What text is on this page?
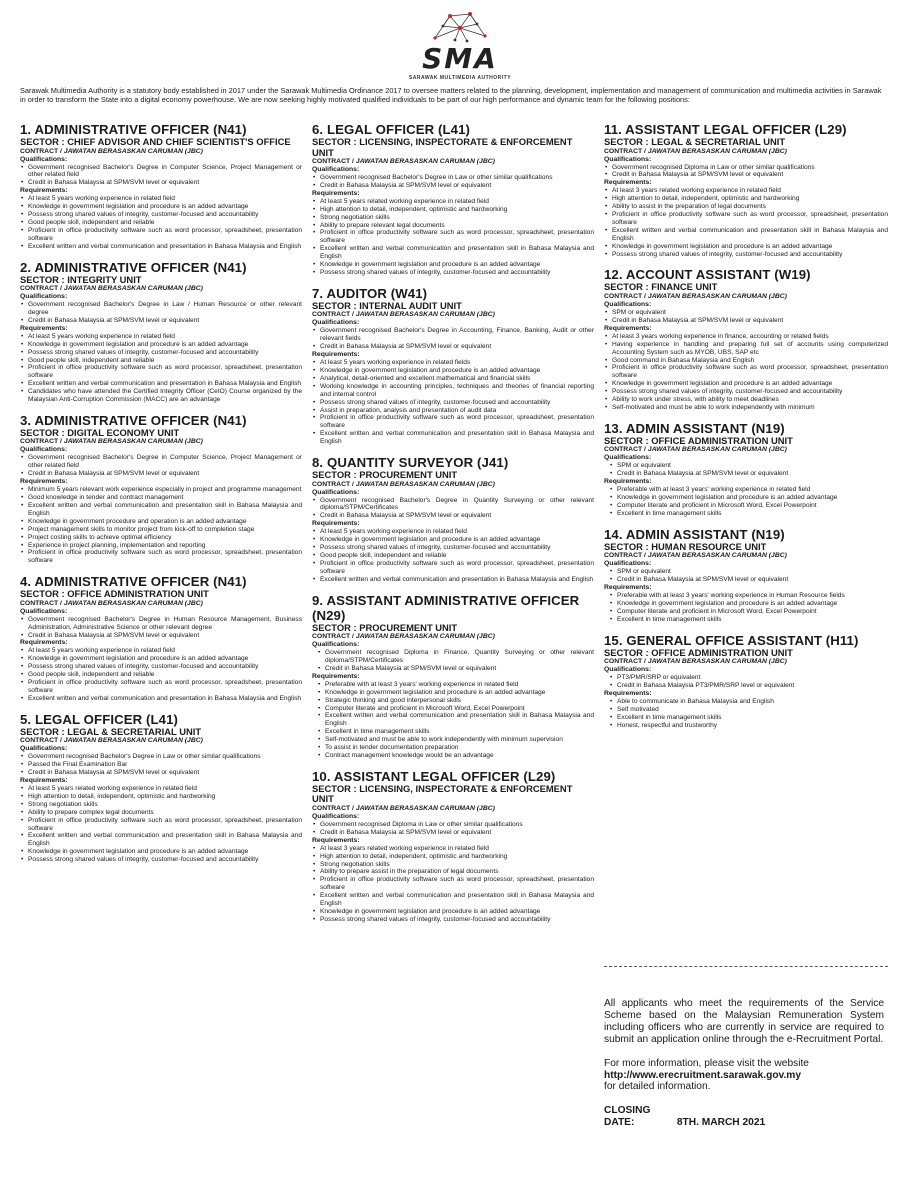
SMA
SARAWAK MULTIMEDIA AUTHORITY

Sarawak Multimedia Authority is a statutory body established in 2017 under the Sarawak Multimedia Ordinance 2017 to oversee matters related to the planning, development, implementation and management of communication and multimedia activities in Sarawak in order to transform the State into a digital economy powerhouse. We are now seeking highly motivated qualified individuals to be part of our high performance and dynamic team for the following positions:

1. ADMINISTRATIVE OFFICER (N41)
SECTOR : CHIEF ADVISOR AND CHIEF SCIENTIST'S OFFICE
CONTRACT / JAWATAN BERASASKAN CARUMAN (JBC)
Qualifications:
• Government recognised Bachelor's Degree in Computer Science, Project Management or other related field
• Credit in Bahasa Malaysia at SPM/SVM level or equivalent
Requirements:
• At least 5 years working experience in related field
• Knowledge in government legislation and procedure is an added advantage
• Possess strong shared values of integrity, customer-focused and accountability
• Good people skill, independent and reliable
• Proficient in office productivity software such as word processor, spreadsheet, presentation software
• Excellent written and verbal communication and presentation in Bahasa Malaysia and English
2. ADMINISTRATIVE OFFICER (N41)
SECTOR : INTEGRITY UNIT
CONTRACT / JAWATAN BERASASKAN CARUMAN (JBC)
Qualifications:
• Government recognised Bachelor's Degree in Law / Human Resource or other relevant degree
• Credit in Bahasa Malaysia at SPM/SVM level or equivalent
Requirements:
• At least 5 years working experience in related field
• Knowledge in government legislation and procedure is an added advantage
• Possess strong shared values of integrity, customer-focused and accountability
• Good people skill, independent and reliable
• Proficient in office productivity software such as word processor, spreadsheet, presentation software
• Excellent written and verbal communication and presentation in Bahasa Malaysia and English
• Candidates who have attended the Certified Integrity Officer (CeIO) Course organized by the Malaysian Anti-Corruption Commission (MACC) are an advantage
3. ADMINISTRATIVE OFFICER (N41)
SECTOR : DIGITAL ECONOMY UNIT
CONTRACT / JAWATAN BERASASKAN CARUMAN (JBC)
Qualifications:
• Government recognised Bachelor's Degree in Computer Science, Project Management or other related field
• Credit in Bahasa Malaysia at SPM/SVM level or equivalent
Requirements:
• Minimum 5 years relevant work experience especially in project and programme management
• Good knowledge in tender and contract management
• Excellent written and verbal communication and presentation skill in Bahasa Malaysia and English
• Knowledge in government procedure and operation is an added advantage
• Project management skills to monitor project from kick-off to completion stage
• Project costing skills to achieve optimal efficiency
• Experience in project planning, implementation and reporting
• Proficient in office productivity software such as word processor, spreadsheet, presentation software
4. ADMINISTRATIVE OFFICER (N41)
SECTOR : OFFICE ADMINISTRATION UNIT
CONTRACT / JAWATAN BERASASKAN CARUMAN (JBC)
Qualifications:
• Government recognised Bachelor's Degree in Human Resource Management, Business Administration, Administrative Science or other relevant degree
• Credit in Bahasa Malaysia at SPM/SVM level or equivalent
Requirements:
• At least 5 years working experience in related field
• Knowledge in government legislation and procedure is an added advantage
• Possess strong shared values of integrity, customer-focused and accountability
• Good people skill, independent and reliable
• Proficient in office productivity software such as word processor, spreadsheet, presentation software
• Excellent written and verbal communication and presentation in Bahasa Malaysia and English
5. LEGAL OFFICER (L41)
SECTOR : LEGAL & SECRETARIAL UNIT
CONTRACT / JAWATAN BERASASKAN CARUMAN (JBC)
Qualifications:
• Government recognised Bachelor's Degree in Law or other similar qualifications
• Passed the Final Examination Bar
• Credit in Bahasa Malaysia at SPM/SVM level or equivalent
Requirements:
• At least 5 years related working experience in related field
• High attention to detail, independent, optimistic and hardworking
• Strong negotiation skills
• Ability to prepare complex legal documents
• Proficient in office productivity software such as word processor, spreadsheet, presentation software
• Excellent written and verbal communication and presentation skill in Bahasa Malaysia and English
• Knowledge in government legislation and procedure is an added advantage
• Possess strong shared values of integrity, customer-focused and accountability
6. LEGAL OFFICER (L41)
SECTOR : LICENSING, INSPECTORATE & ENFORCEMENT UNIT
CONTRACT / JAWATAN BERASASKAN CARUMAN (JBC)
Qualifications:
• Government recognised Bachelor's Degree in Law or other similar qualifications
• Credit in Bahasa Malaysia at SPM/SVM level or equivalent
Requirements:
• At least 5 years related working experience in related field
• High attention to detail, independent, optimistic and hardworking
• Strong negotiation skills
• Ability to prepare relevant legal documents
• Proficient in office productivity software such as word processor, spreadsheet, presentation software
• Excellent written and verbal communication and presentation skill in Bahasa Malaysia and English
• Knowledge in government legislation and procedure is an added advantage
• Possess strong shared values of integrity, customer-focused and accountability
7. AUDITOR (W41)
SECTOR : INTERNAL AUDIT UNIT
CONTRACT / JAWATAN BERASASKAN CARUMAN (JBC)
Qualifications:
• Government recognised Bachelor's Degree in Accounting, Finance, Banking, Audit or other relevant fields
• Credit in Bahasa Malaysia at SPM/SVM level or equivalent
Requirements:
• At least 5 years working experience in related fields
• Knowledge in government legislation and procedure is an added advantage
• Analytical, detail-oriented and excellent mathematical and financial skills
• Working knowledge in accounting principles, techniques and theories of financial reporting and internal control
• Possess strong shared values of integrity, customer-focused and accountability
• Assist in preparation, analysis and presentation of audit data
• Proficient in office productivity software such as word processor, spreadsheet, presentation software
• Excellent written and verbal communication and presentation skill in Bahasa Malaysia and English
8. QUANTITY SURVEYOR (J41)
SECTOR : PROCUREMENT UNIT
CONTRACT / JAWATAN BERASASKAN CARUMAN (JBC)
Qualifications:
• Government recognised Bachelor's Degree in Quantity Surveying or other relevant diploma/STPM/Certificates
• Credit in Bahasa Malaysia at SPM/SVM level or equivalent
Requirements:
• At least 5 years working experience in related field
• Knowledge in government legislation and procedure is an added advantage
• Possess strong shared values of integrity, customer-focused and accountability
• Good people skill, independent and reliable
• Proficient in office productivity software such as word processor, spreadsheet, presentation software
• Excellent written and verbal communication and presentation in Bahasa Malaysia and English
9. ASSISTANT ADMINISTRATIVE OFFICER (N29)
SECTOR : PROCUREMENT UNIT
CONTRACT / JAWATAN BERASASKAN CARUMAN (JBC)
Qualifications:
• Government recognised Diploma in Finance, Quantity Surveying or other relevant diploma/STPM/Certificates
• Credit in Bahasa Malaysia at SPM/SVM level or equivalent
Requirements:
• Preferable with at least 3 years' working experience in related field
• Knowledge in government legislation and procedure is an added advantage
• Strategic thinking and good interpersonal skills
• Computer literate and proficient in Microsoft Word, Excel Powerpoint
• Excellent written and verbal communication and presentation skill in Bahasa Malaysia and English
• Excellent in time management skills
• Self-motivated and must be able to work independently with minimum supervision
• To assist in tender documentation preparation
• Contract management knowledge would be an advantage
10. ASSISTANT LEGAL OFFICER (L29)
SECTOR : LICENSING, INSPECTORATE & ENFORCEMENT UNIT
CONTRACT / JAWATAN BERASASKAN CARUMAN (JBC)
Qualifications:
• Government recognised Diploma in Law or other similar qualifications
• Credit in Bahasa Malaysia at SPM/SVM level or equivalent
Requirements:
• At least 3 years related working experience in related field
• High attention to detail, independent, optimistic and hardworking
• Strong negotiation skills
• Ability to prepare assist in the preparation of legal documents
• Proficient in office productivity software such as word processor, spreadsheet, presentation software
• Excellent written and verbal communication and presentation skill in Bahasa Malaysia and English
• Knowledge in government legislation and procedure is an added advantage
• Possess strong shared values of integrity, customer-focused and accountability
11. ASSISTANT LEGAL OFFICER (L29)
SECTOR : LEGAL & SECRETARIAL UNIT
CONTRACT / JAWATAN BERASASKAN CARUMAN (JBC)
Qualifications:
• Government recognised Diploma in Law or other similar qualifications
• Credit in Bahasa Malaysia at SPM/SVM level or equivalent
Requirements:
• At least 3 years related working experience in related field
• High attention to detail, independent, optimistic and hardworking
• Ability to assist in the preparation of legal documents
• Proficient in office productivity software such as word processor, spreadsheet, presentation software
• Excellent written and verbal communication and presentation skill in Bahasa Malaysia and English
• Knowledge in government legislation and procedure is an added advantage
• Possess strong shared values of integrity, customer-focused and accountability
12. ACCOUNT ASSISTANT (W19)
SECTOR : FINANCE UNIT
CONTRACT / JAWATAN BERASASKAN CARUMAN (JBC)
Qualifications:
• SPM or equivalent
• Credit in Bahasa Malaysia at SPM/SVM level or equivalent
Requirements:
• At least 3 years working experience in finance, accounting or related fields
• Having experience in handling and preparing full set of accounts using computerized Accounting System such as MYOB, UBS, SAP etc
• Good command in Bahasa Malaysia and English
• Proficient in office productivity software such as word processor, spreadsheet, presentation software
• Knowledge in government legislation and procedure is an added advantage
• Possess strong shared values of integrity, customer-focused and accountability
• Ability to work under stress, with ability to meet deadlines
• Self-motivated and must be able to work independently with minimum
13. ADMIN ASSISTANT (N19)
SECTOR : OFFICE ADMINISTRATION UNIT
CONTRACT / JAWATAN BERASASKAN CARUMAN (JBC)
Qualifications:
• SPM or equivalent
• Credit in Bahasa Malaysia at SPM/SVM level or equivalent
Requirements:
• Preferable with at least 3 years' working experience in related field
• Knowledge in government legislation and procedure is an added advantage
• Computer literate and proficient in Microsoft Word, Excel Powerpoint
• Excellent in time management skills
14. ADMIN ASSISTANT (N19)
SECTOR : HUMAN RESOURCE UNIT
CONTRACT / JAWATAN BERASASKAN CARUMAN (JBC)
Qualifications:
• SPM or equivalent
• Credit in Bahasa Malaysia at SPM/SVM level or equivalent
Requirements:
• Preferable with at least 3 years' working experience in Human Resource fields
• Knowledge in government legislation and procedure is an added advantage
• Computer literate and proficient in Microsoft Word, Excel Powerpoint
• Excellent in time management skills
15. GENERAL OFFICE ASSISTANT (H11)
SECTOR : OFFICE ADMINISTRATION UNIT
CONTRACT / JAWATAN BERASASKAN CARUMAN (JBC)
Qualifications:
• PT3/PMR/SRP or equivalent
• Credit in Bahasa Malaysia PT3/PMR/SRP level or equivalent
Requirements:
• Able to communicate in Bahasa Malaysia and English
• Self motivated
• Excellent in time management skills
• Honest, respectful and trustworthy

All applicants who meet the requirements of the Service Scheme based on the Malaysian Remuneration System including officers who are currently in service are required to submit an application online through the e-Recruitment Portal.

For more information, please visit the website

http://www.erecruitment.sarawak.gov.my
for detailed information.
CLOSING DATE:	8TH. MARCH 2021
